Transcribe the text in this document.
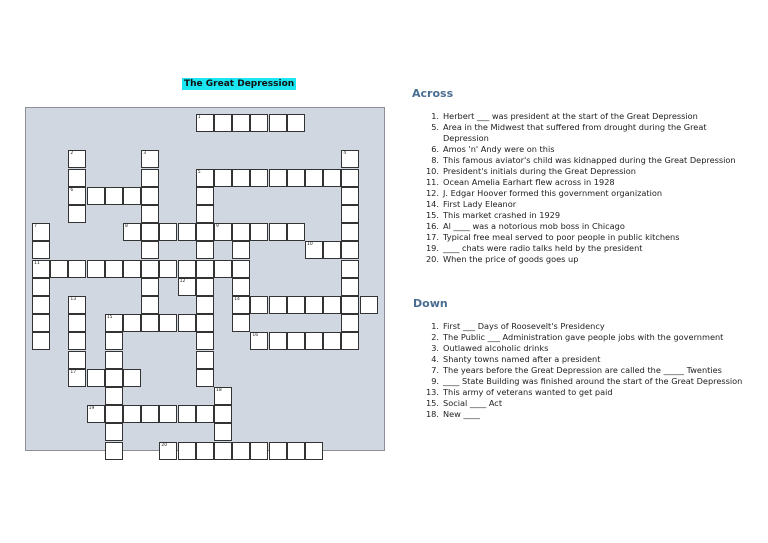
The Great Depression
1
2	3	4
5
6
7	8	9
10
11
12
13	14
15
16
17
18
19
20
Across
1. Herbert ___ was president at the start of the Great Depression
5. Area in the Midwest that suffered from drought during the Great Depression
6. Amos 'n' Andy were on this
8. This famous aviator's child was kidnapped during the Great Depression
10. President's initials during the Great Depression
11. Ocean Amelia Earhart flew across in 1928
12. J. Edgar Hoover formed this government organization
14. First Lady Eleanor
15. This market crashed in 1929
16. Al ____ was a notorious mob boss in Chicago
17. Typical free meal served to poor people in public kitchens
19. ____ chats were radio talks held by the president
20. When the price of goods goes up
Down
1. First ___ Days of Roosevelt's Presidency
2. The Public ___ Administration gave people jobs with the government
3. Outlawed alcoholic drinks
4. Shanty towns named after a president
7. The years before the Great Depression are called the _____ Twenties
9. ____ State Building was finished around the start of the Great Depression
13. This army of veterans wanted to get paid
15. Social ____ Act
18. New ____
